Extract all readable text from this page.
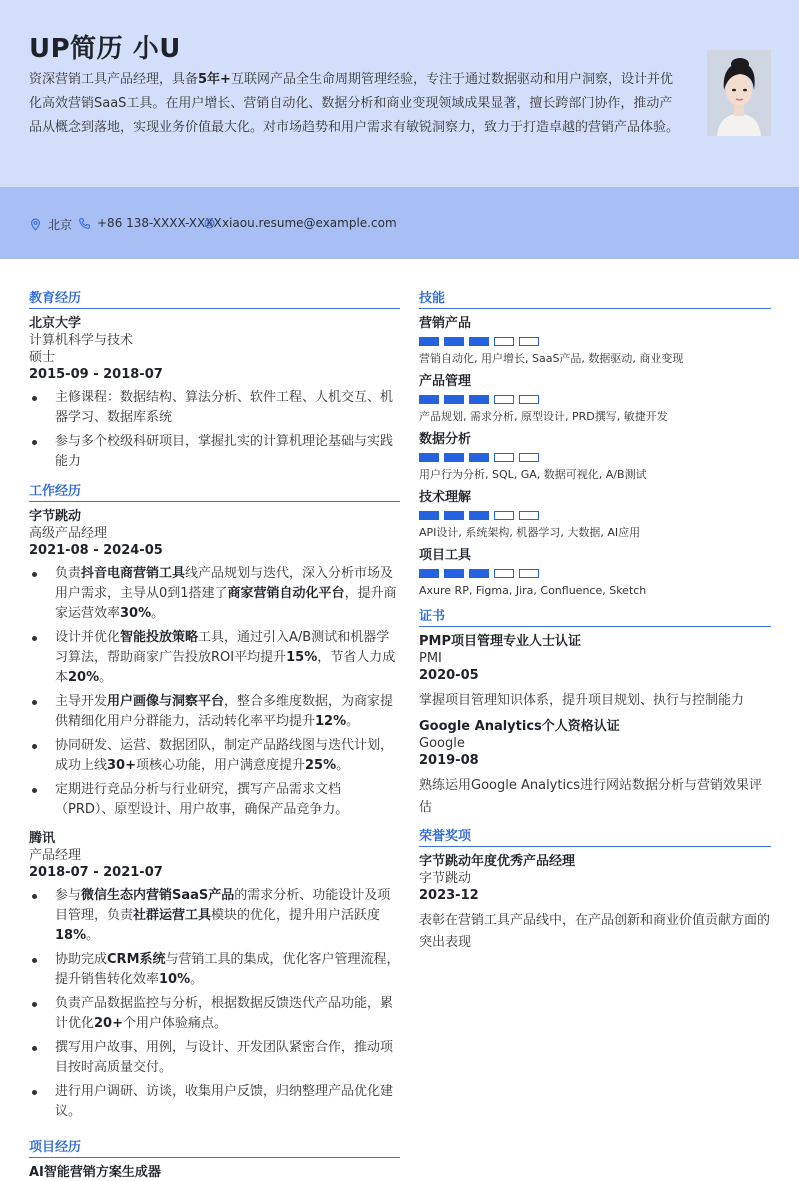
UP简历 小U
资深营销工具产品经理，具备5年+互联网产品全生命周期管理经验，专注于通过数据驱动和用户洞察，设计并优化高效营销SaaS工具。在用户增长、营销自动化、数据分析和商业变现领域成果显著，擅长跨部门协作，推动产品从概念到落地，实现业务价值最大化。对市场趋势和用户需求有敏锐洞察力，致力于打造卓越的营销产品体验。
北京 +86 138-XXXX-XXXX xiaou.resume@example.com
教育经历
北京大学
计算机科学与技术
硕士
2015-09 - 2018-07
主修课程：数据结构、算法分析、软件工程、人机交互、机器学习、数据库系统
参与多个校级科研项目，掌握扎实的计算机理论基础与实践能力
工作经历
字节跳动
高级产品经理
2021-08 - 2024-05
负责抖音电商营销工具线产品规划与迭代，深入分析市场及用户需求，主导从0到1搭建了商家营销自动化平台，提升商家运营效率30%。
设计并优化智能投放策略工具，通过引入A/B测试和机器学习算法，帮助商家广告投放ROI平均提升15%，节省人力成本20%。
主导开发用户画像与洞察平台，整合多维度数据，为商家提供精细化用户分群能力，活动转化率平均提升12%。
协同研发、运营、数据团队，制定产品路线图与迭代计划，成功上线30+项核心功能，用户满意度提升25%。
定期进行竞品分析与行业研究，撰写产品需求文档（PRD）、原型设计、用户故事，确保产品竞争力。
腾讯
产品经理
2018-07 - 2021-07
参与微信生态内营销SaaS产品的需求分析、功能设计及项目管理，负责社群运营工具模块的优化，提升用户活跃度18%。
协助完成CRM系统与营销工具的集成，优化客户管理流程，提升销售转化效率10%。
负责产品数据监控与分析，根据数据反馈迭代产品功能，累计优化20+个用户体验痛点。
撰写用户故事、用例，与设计、开发团队紧密合作，推动项目按时高质量交付。
进行用户调研、访谈，收集用户反馈，归纳整理产品优化建议。
项目经历
AI智能营销方案生成器
技能
营销产品
营销自动化, 用户增长, SaaS产品, 数据驱动, 商业变现
产品管理
产品规划, 需求分析, 原型设计, PRD撰写, 敏捷开发
数据分析
用户行为分析, SQL, GA, 数据可视化, A/B测试
技术理解
API设计, 系统架构, 机器学习, 大数据, AI应用
项目工具
Axure RP, Figma, Jira, Confluence, Sketch
证书
PMP项目管理专业人士认证
PMI
2020-05
掌握项目管理知识体系，提升项目规划、执行与控制能力
Google Analytics个人资格认证
Google
2019-08
熟练运用Google Analytics进行网站数据分析与营销效果评估
荣誉奖项
字节跳动年度优秀产品经理
字节跳动
2023-12
表彰在营销工具产品线中，在产品创新和商业价值贡献方面的突出表现
